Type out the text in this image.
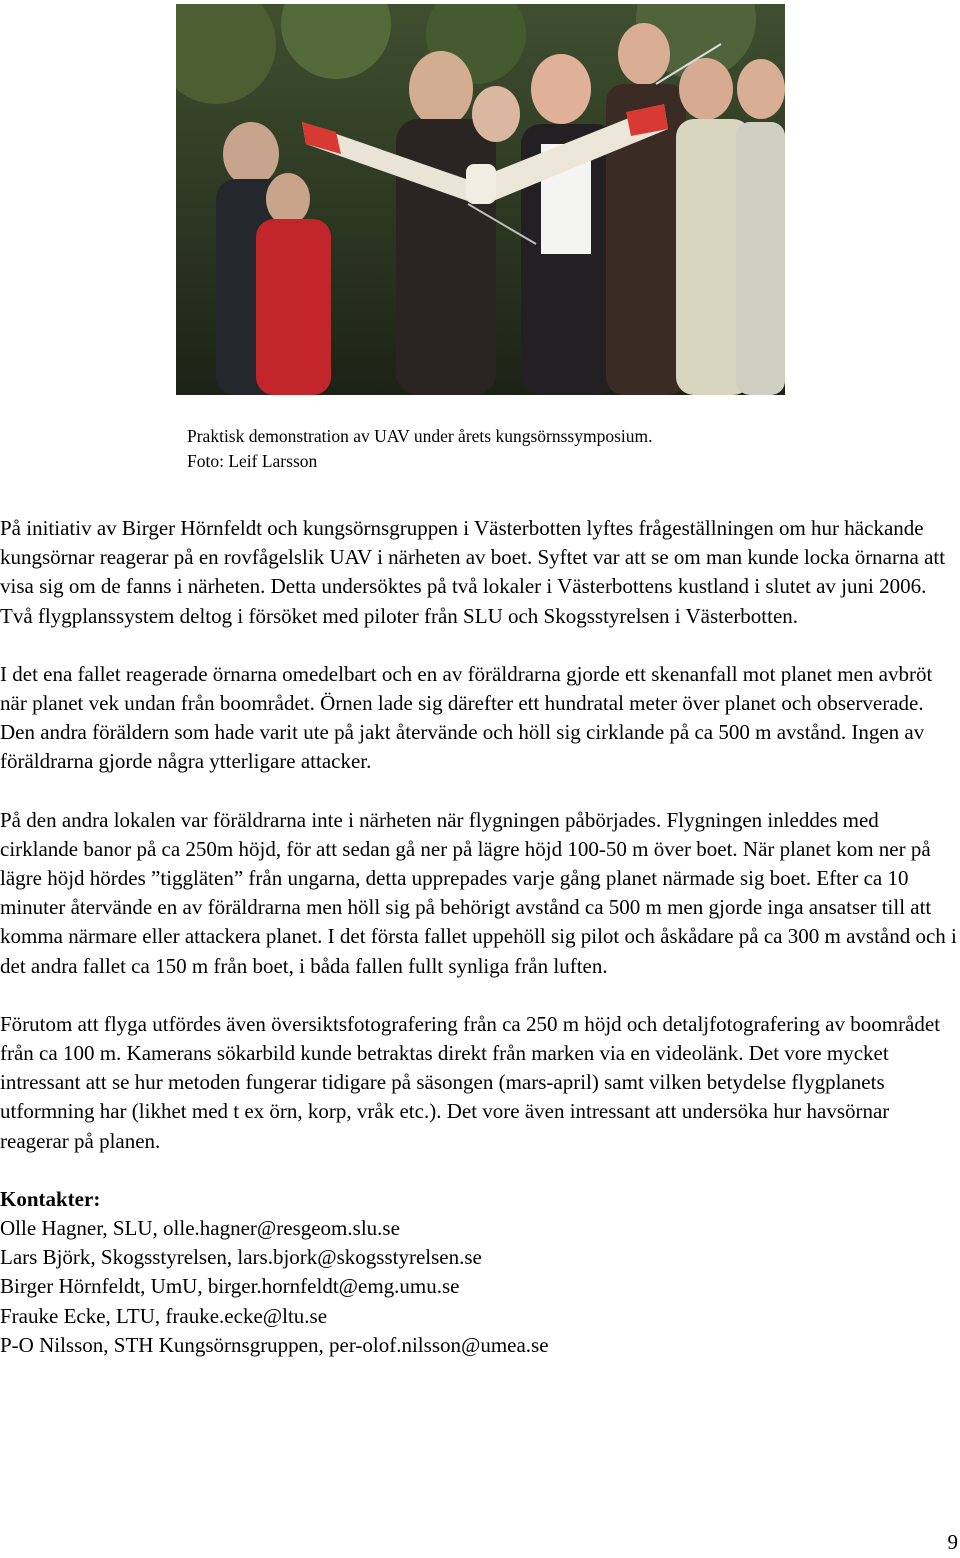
Praktisk demonstration av UAV under årets kungsörnssymposium.
Foto: Leif Larsson

På initiativ av Birger Hörnfeldt och kungsörnsgruppen i Västerbotten lyftes frågeställningen om hur häckande kungsörnar reagerar på en rovfågelslik UAV i närheten av boet. Syftet var att se om man kunde locka örnarna att visa sig om de fanns i närheten. Detta undersöktes på två lokaler i Västerbottens kustland i slutet av juni 2006. Två flygplanssystem deltog i försöket med piloter från SLU och Skogsstyrelsen i Västerbotten.

I det ena fallet reagerade örnarna omedelbart och en av föräldrarna gjorde ett skenanfall mot planet men avbröt när planet vek undan från boområdet. Örnen lade sig därefter ett hundratal meter över planet och observerade. Den andra föräldern som hade varit ute på jakt återvände och höll sig cirklande på ca 500 m avstånd. Ingen av föräldrarna gjorde några ytterligare attacker.

På den andra lokalen var föräldrarna inte i närheten när flygningen påbörjades. Flygningen inleddes med cirklande banor på ca 250m höjd, för att sedan gå ner på lägre höjd 100-50 m över boet. När planet kom ner på lägre höjd hördes ”tiggläten” från ungarna, detta upprepades varje gång planet närmade sig boet. Efter ca 10 minuter återvände en av föräldrarna men höll sig på behörigt avstånd ca 500 m men gjorde inga ansatser till att komma närmare eller attackera planet. I det första fallet uppehöll sig pilot och åskådare på ca 300 m avstånd och i det andra fallet ca 150 m från boet, i båda fallen fullt synliga från luften.

Förutom att flyga utfördes även översiktsfotografering från ca 250 m höjd och detaljfotografering av boområdet från ca 100 m. Kamerans sökarbild kunde betraktas direkt från marken via en videolänk. Det vore mycket intressant att se hur metoden fungerar tidigare på säsongen (mars-april) samt vilken betydelse flygplanets utformning har (likhet med t ex örn, korp, vråk etc.). Det vore även intressant att undersöka hur havsörnar reagerar på planen.

Kontakter:
Olle Hagner, SLU, olle.hagner@resgeom.slu.se
Lars Björk, Skogsstyrelsen, lars.bjork@skogsstyrelsen.se
Birger Hörnfeldt, UmU, birger.hornfeldt@emg.umu.se
Frauke Ecke, LTU, frauke.ecke@ltu.se
P-O Nilsson, STH Kungsörnsgruppen, per-olof.nilsson@umea.se
9
